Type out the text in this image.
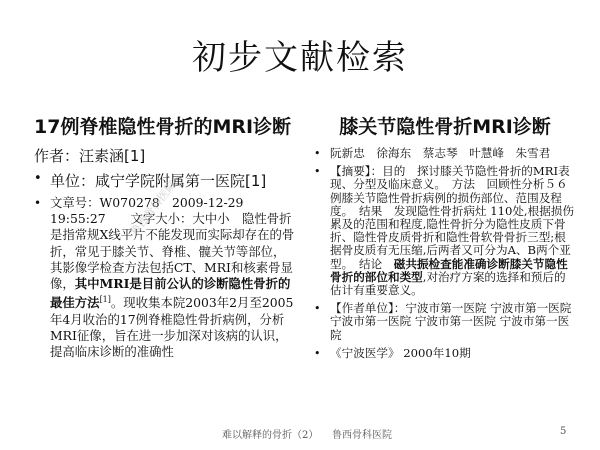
初步文献检索
17例脊椎隐性骨折的MRI诊断
作者：汪素涵[1]
• 单位：咸宁学院附属第一医院[1]
• 文章号：W070278　2009-12-29 19:55:27　　文字大小：大中小　隐性骨折是指常规X线平片不能发现而实际却存在的骨折，常见于膝关节、脊椎、髋关节等部位，其影像学检查方法包括CT、MRI和核素骨显像，其中MRI是目前公认的诊断隐性骨折的最佳方法[1]。现收集本院2003年2月至2005年4月收治的17例脊椎隐性骨折病例，分析MRI征像，旨在进一步加深对该病的认识，提高临床诊断的准确性
膝关节隐性骨折MRI诊断
• 阮新忠　徐海东　蔡志琴　叶慧峰　朱雪君
• 【摘要】：目的　探讨膝关节隐性骨折的MRI表现、分型及临床意义。　方法　回顾性分析５６例膝关节隐性骨折病例的损伤部位、范围及程度。　结果　发现隐性骨折病灶 110处,根据损伤累及的范围和程度,隐性骨折分为隐性皮质下骨折、隐性骨皮质骨折和隐性骨软骨骨折三型;根据骨皮质有无压缩,后两者又可分为A、B两个亚型。　结论　磁共振检查能准确诊断膝关节隐性骨折的部位和类型,对治疗方案的选择和预后的估计有重要意义。
• 【作者单位】：宁波市第一医院 宁波市第一医院 宁波市第一医院 宁波市第一医院 宁波市第一医院
• 《宁波医学》 2000年10期
鲁西骨科医院
难以解释的骨折（2） 鲁西骨科医院	5
